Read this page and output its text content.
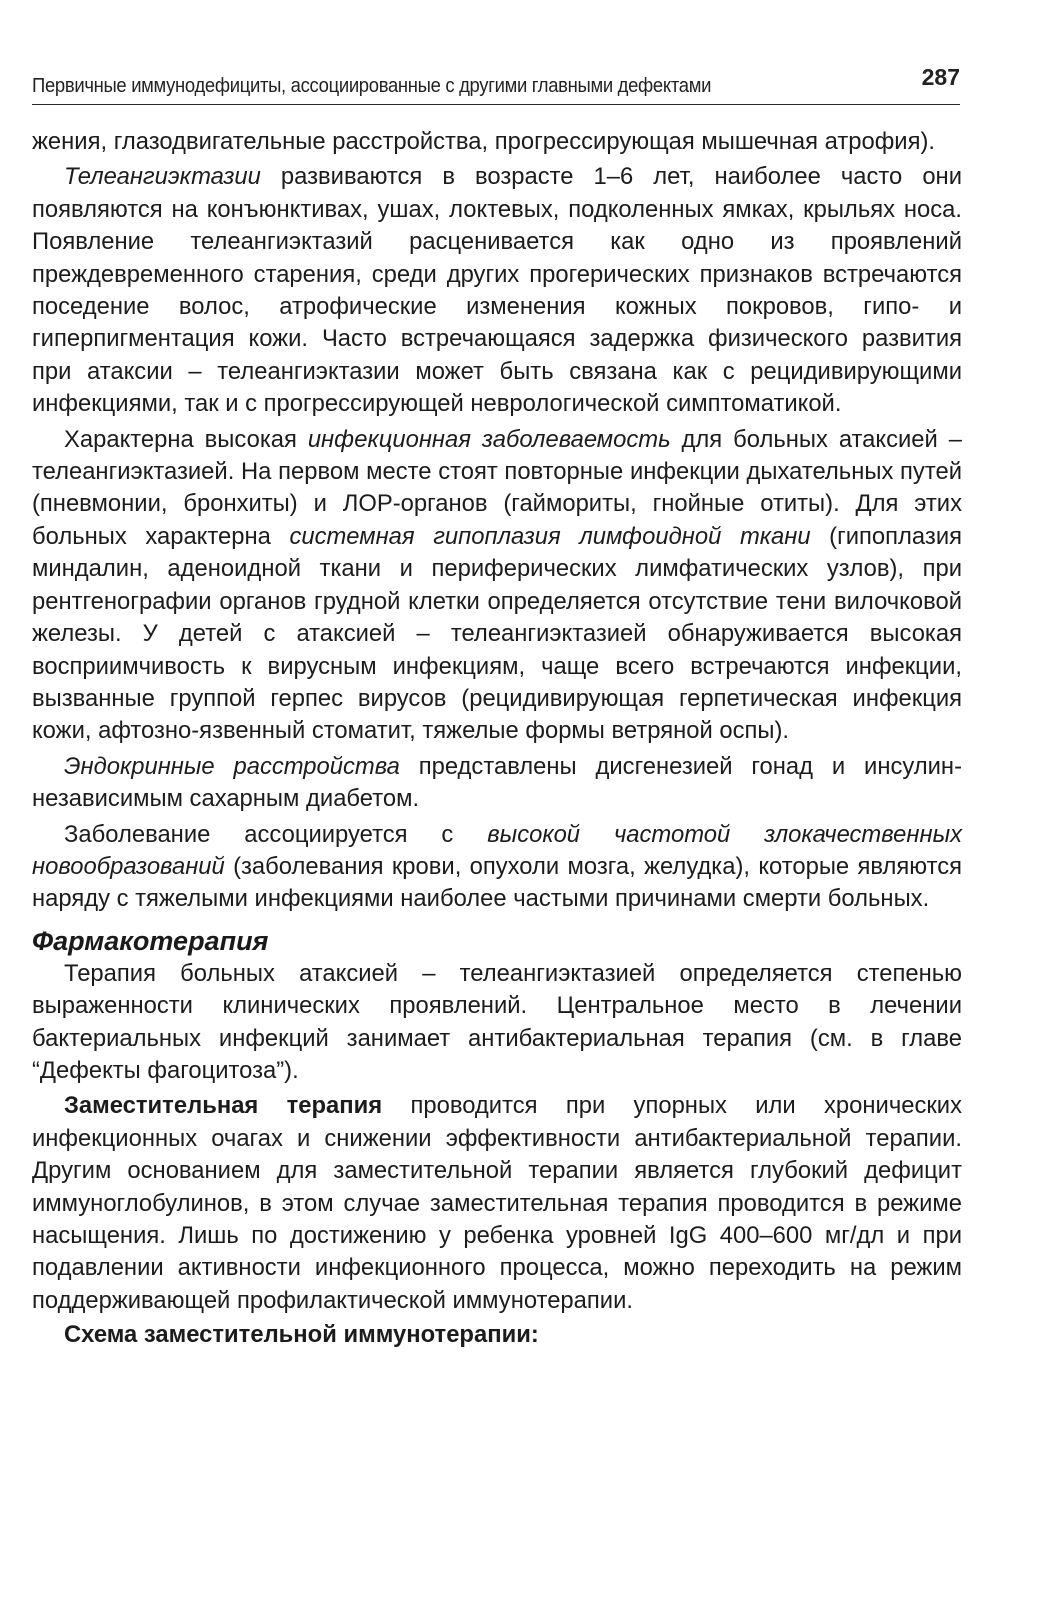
Первичные иммунодефициты, ассоциированные с другими главными дефектами	287

жения, глазодвигательные расстройства, прогрессирующая мышечная атрофия).

Телеангиэктазии развиваются в возрасте 1–6 лет, наиболее часто они появляются на конъюнктивах, ушах, локтевых, подколенных ямках, крыльях носа. Появление телеангиэктазий расценивается как одно из проявлений преждевременного старения, среди других прогерических признаков встречаются поседение волос, атрофические изменения кожных покровов, гипо- и гиперпигментация кожи. Часто встречающаяся задержка физического развития при атаксии – телеангиэктазии может быть связана как с рецидивирующими инфекциями, так и с прогрессирующей неврологической симптоматикой.

Характерна высокая инфекционная заболеваемость для больных атаксией – телеангиэктазией. На первом месте стоят повторные инфекции дыхательных путей (пневмонии, бронхиты) и ЛОР-органов (гаймориты, гнойные отиты). Для этих больных характерна системная гипоплазия лимфоидной ткани (гипоплазия миндалин, аденоидной ткани и периферических лимфатических узлов), при рентгенографии органов грудной клетки определяется отсутствие тени вилочковой железы. У детей с атаксией – телеангиэктазией обнаруживается высокая восприимчивость к вирусным инфекциям, чаще всего встречаются инфекции, вызванные группой герпес вирусов (рецидивирующая герпетическая инфекция кожи, афтозно-язвенный стоматит, тяжелые формы ветряной оспы).

Эндокринные расстройства представлены дисгенезией гонад и инсулин-независимым сахарным диабетом.

Заболевание ассоциируется с высокой частотой злокачественных новообразований (заболевания крови, опухоли мозга, желудка), которые являются наряду с тяжелыми инфекциями наиболее частыми причинами смерти больных.

Фармакотерапия

Терапия больных атаксией – телеангиэктазией определяется степенью выраженности клинических проявлений. Центральное место в лечении бактериальных инфекций занимает антибактериальная терапия (см. в главе “Дефекты фагоцитоза”).

Заместительная терапия проводится при упорных или хронических инфекционных очагах и снижении эффективности антибактериальной терапии. Другим основанием для заместительной терапии является глубокий дефицит иммуноглобулинов, в этом случае заместительная терапия проводится в режиме насыщения. Лишь по достижению у ребенка уровней IgG 400–600 мг/дл и при подавлении активности инфекционного процесса, можно переходить на режим поддерживающей профилактической иммунотерапии.

Схема заместительной иммунотерапии:
